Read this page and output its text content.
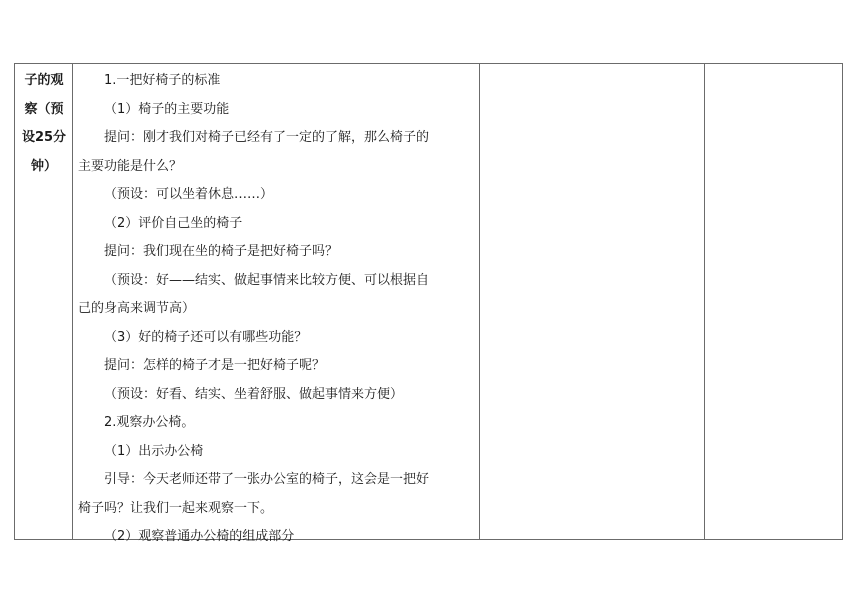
子的观
察（预
设25分
钟）
1.一把好椅子的标准
（1）椅子的主要功能
提问：刚才我们对椅子已经有了一定的了解，那么椅子的
主要功能是什么？
（预设：可以坐着休息……）
（2）评价自己坐的椅子
提问：我们现在坐的椅子是把好椅子吗？
（预设：好——结实、做起事情来比较方便、可以根据自
己的身高来调节高）
（3）好的椅子还可以有哪些功能？
提问：怎样的椅子才是一把好椅子呢？
（预设：好看、结实、坐着舒服、做起事情来方便）
2.观察办公椅。
（1）出示办公椅
引导：今天老师还带了一张办公室的椅子，这会是一把好
椅子吗？让我们一起来观察一下。
（2）观察普通办公椅的组成部分
